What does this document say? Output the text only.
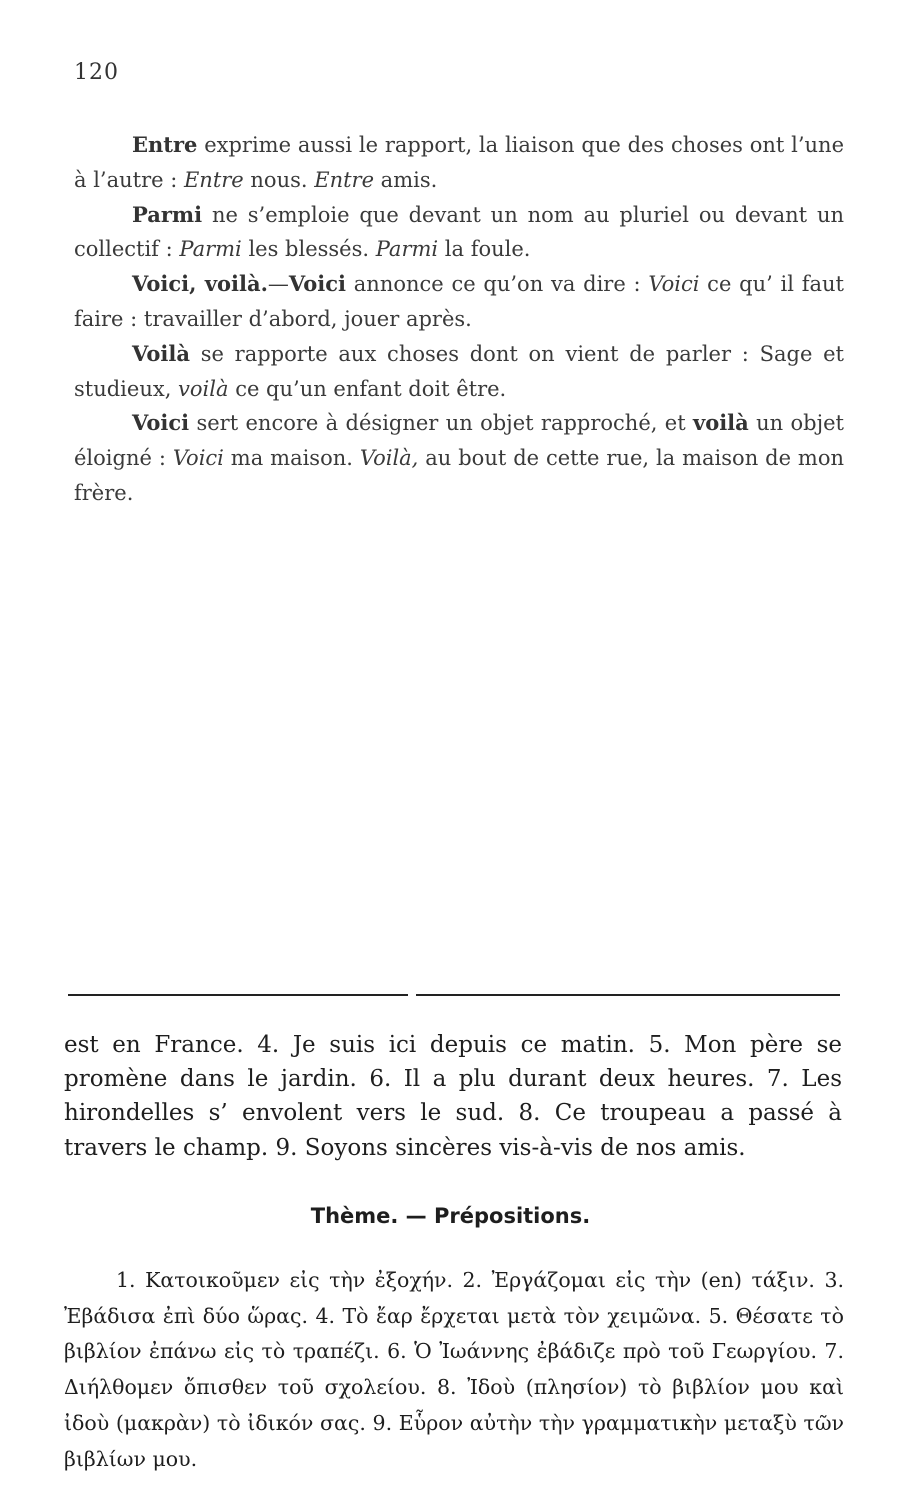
120

Entre exprime aussi le rapport, la liaison que des choses ont l’une à l’autre : Entre nous. Entre amis.

Parmi ne s’emploie que devant un nom au pluriel ou devant un collectif : Parmi les blessés. Parmi la foule.

Voici, voilà.—Voici annonce ce qu’on va dire : Voici ce qu’ il faut faire : travailler d’abord, jouer après.

Voilà se rapporte aux choses dont on vient de parler : Sage et studieux, voilà ce qu’un enfant doit être.

Voici sert encore à désigner un objet rapproché, et voilà un objet éloigné : Voici ma maison. Voilà, au bout de cette rue, la maison de mon frère.

est en France. 4. Je suis ici depuis ce matin. 5. Mon père se promène dans le jardin. 6. Il a plu durant deux heures. 7. Les hirondelles s’ envolent vers le sud. 8. Ce troupeau a passé à travers le champ. 9. Soyons sincères vis-à-vis de nos amis.
Thème. — Prépositions.
1. Κατοικοῦμεν εἰς τὴν ἐξοχήν. 2. Ἐργάζομαι εἰς τὴν (en) τάξιν. 3. Ἐβάδισα ἐπὶ δύο ὥρας. 4. Τὸ ἔαρ ἔρχεται μετὰ τὸν χειμῶνα. 5. Θέσατε τὸ βιβλίον ἐπάνω εἰς τὸ τραπέζι. 6. Ὁ Ἰωάννης ἐβάδιζε πρὸ τοῦ Γεωργίου. 7. Διήλθομεν ὄπισθεν τοῦ σχολείου. 8. Ἰδοὺ (πλησίον) τὸ βιβλίον μου καὶ ἰδοὺ (μακρὰν) τὸ ἰδικόν σας. 9. Εὗρον αὐτὴν τὴν γραμματικὴν μεταξὺ τῶν βιβλίων μου.
